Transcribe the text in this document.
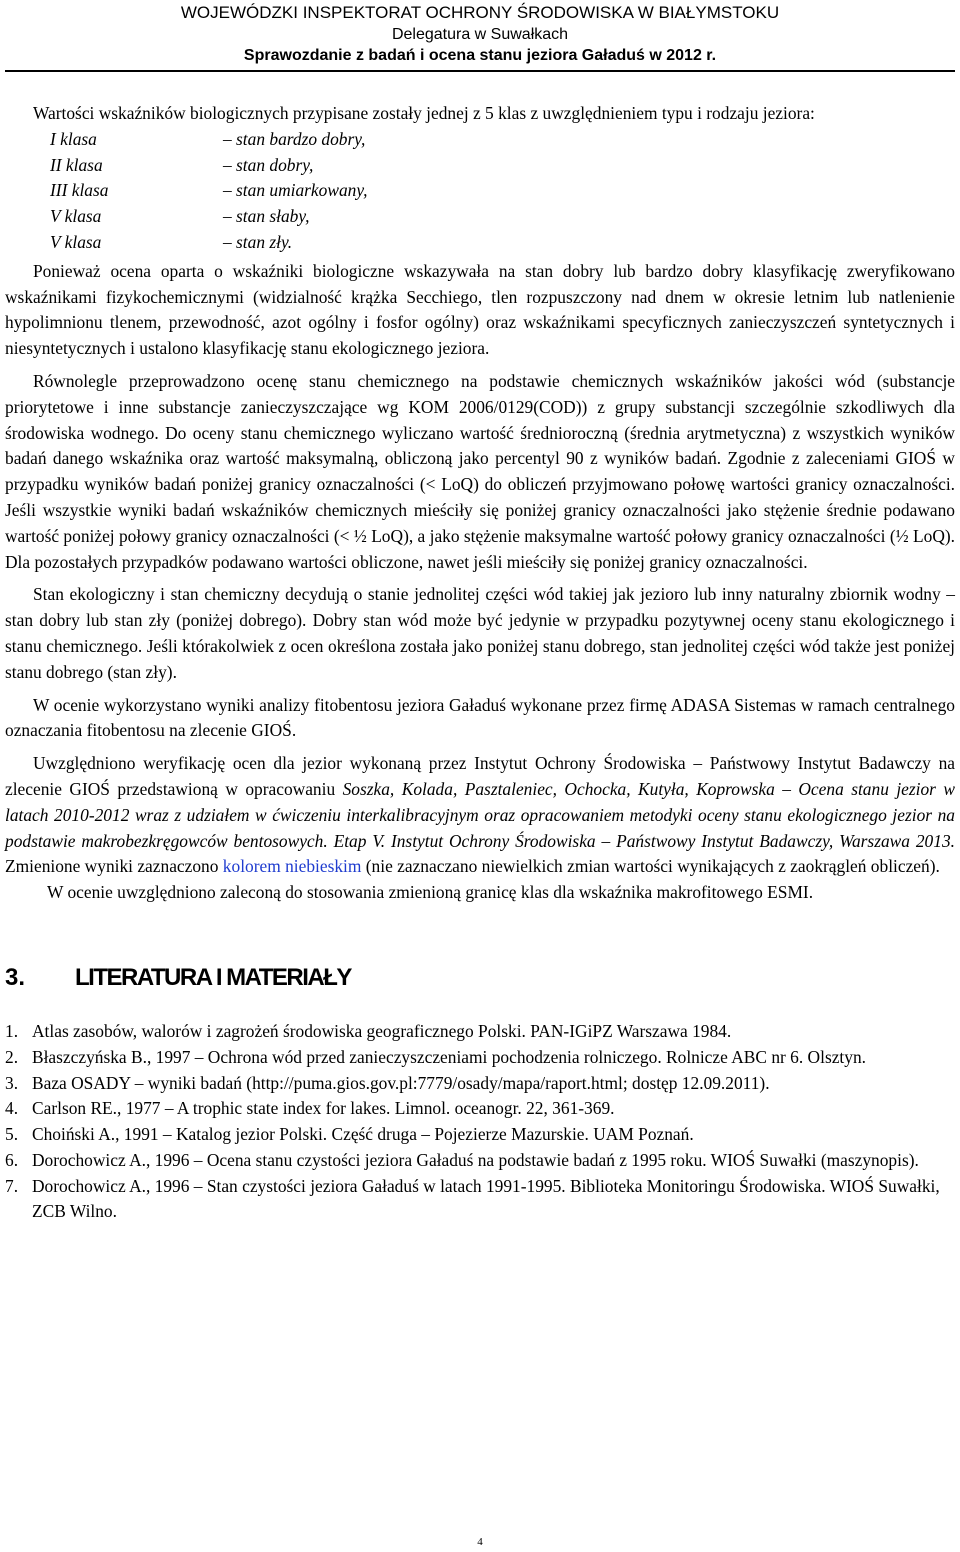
WOJEWÓDZKI INSPEKTORAT OCHRONY ŚRODOWISKA W BIAŁYMSTOKU
Delegatura w Suwałkach
Sprawozdanie z badań i ocena stanu jeziora Gaładuś w 2012 r.

Wartości wskaźników biologicznych przypisane zostały jednej z 5 klas z uwzględnieniem typu i rodzaju jeziora:

I klasa	– stan bardzo dobry,
II klasa	– stan dobry,
III klasa	– stan umiarkowany,
V klasa	– stan słaby,
V klasa	– stan zły.

Ponieważ ocena oparta o wskaźniki biologiczne wskazywała na stan dobry lub bardzo dobry klasyfikację zweryfikowano wskaźnikami fizykochemicznymi (widzialność krążka Secchiego, tlen rozpuszczony nad dnem w okresie letnim lub natlenienie hypolimnionu tlenem, przewodność, azot ogólny i fosfor ogólny) oraz wskaźnikami specyficznych zanieczyszczeń syntetycznych i niesyntetycznych i ustalono klasyfikację stanu ekologicznego jeziora.

Równolegle przeprowadzono ocenę stanu chemicznego na podstawie chemicznych wskaźników jakości wód (substancje priorytetowe i inne substancje zanieczyszczające wg KOM 2006/0129(COD)) z grupy substancji szczególnie szkodliwych dla środowiska wodnego. Do oceny stanu chemicznego wyliczano wartość średnioroczną (średnia arytmetyczna) z wszystkich wyników badań danego wskaźnika oraz wartość maksymalną, obliczoną jako percentyl 90 z wyników badań. Zgodnie z zaleceniami GIOŚ w przypadku wyników badań poniżej granicy oznaczalności (< LoQ) do obliczeń przyjmowano połowę wartości granicy oznaczalności. Jeśli wszystkie wyniki badań wskaźników chemicznych mieściły się poniżej granicy oznaczalności jako stężenie średnie podawano wartość poniżej połowy granicy oznaczalności (< ½ LoQ), a jako stężenie maksymalne wartość połowy granicy oznaczalności (½ LoQ). Dla pozostałych przypadków podawano wartości obliczone, nawet jeśli mieściły się poniżej granicy oznaczalności.

Stan ekologiczny i stan chemiczny decydują o stanie jednolitej części wód takiej jak jezioro lub inny naturalny zbiornik wodny – stan dobry lub stan zły (poniżej dobrego). Dobry stan wód może być jedynie w przypadku pozytywnej oceny stanu ekologicznego i stanu chemicznego. Jeśli którakolwiek z ocen określona została jako poniżej stanu dobrego, stan jednolitej części wód także jest poniżej stanu dobrego (stan zły).

W ocenie wykorzystano wyniki analizy fitobentosu jeziora Gaładuś wykonane przez firmę ADASA Sistemas w ramach centralnego oznaczania fitobentosu na zlecenie GIOŚ.

Uwzględniono weryfikację ocen dla jezior wykonaną przez Instytut Ochrony Środowiska – Państwowy Instytut Badawczy na zlecenie GIOŚ przedstawioną w opracowaniu Soszka, Kolada, Pasztaleniec, Ochocka, Kutyła, Koprowska – Ocena stanu jezior w latach 2010-2012 wraz z udziałem w ćwiczeniu interkalibracyjnym oraz opracowaniem metodyki oceny stanu ekologicznego jezior na podstawie makrobezkręgowców bentosowych. Etap V. Instytut Ochrony Środowiska – Państwowy Instytut Badawczy, Warszawa 2013. Zmienione wyniki zaznaczono kolorem niebieskim (nie zaznaczano niewielkich zmian wartości wynikających z zaokrągleń obliczeń).

W ocenie uwzględniono zaleconą do stosowania zmienioną granicę klas dla wskaźnika makrofitowego ESMI.

3.	LITERATURA I MATERIAŁY
1. Atlas zasobów, walorów i zagrożeń środowiska geograficznego Polski. PAN-IGiPZ Warszawa 1984.
2. Błaszczyńska B., 1997 – Ochrona wód przed zanieczyszczeniami pochodzenia rolniczego. Rolnicze ABC nr 6. Olsztyn.
3. Baza OSADY – wyniki badań (http://puma.gios.gov.pl:7779/osady/mapa/raport.html; dostęp 12.09.2011).
4. Carlson RE., 1977 – A trophic state index for lakes. Limnol. oceanogr. 22, 361-369.
5. Choiński A., 1991 – Katalog jezior Polski. Część druga – Pojezierze Mazurskie. UAM Poznań.
6. Dorochowicz A., 1996 – Ocena stanu czystości jeziora Gaładuś na podstawie badań z 1995 roku. WIOŚ Suwałki (maszynopis).
7. Dorochowicz A., 1996 – Stan czystości jeziora Gaładuś w latach 1991-1995. Biblioteka Monitoringu Środowiska. WIOŚ Suwałki, ZCB Wilno.
4
